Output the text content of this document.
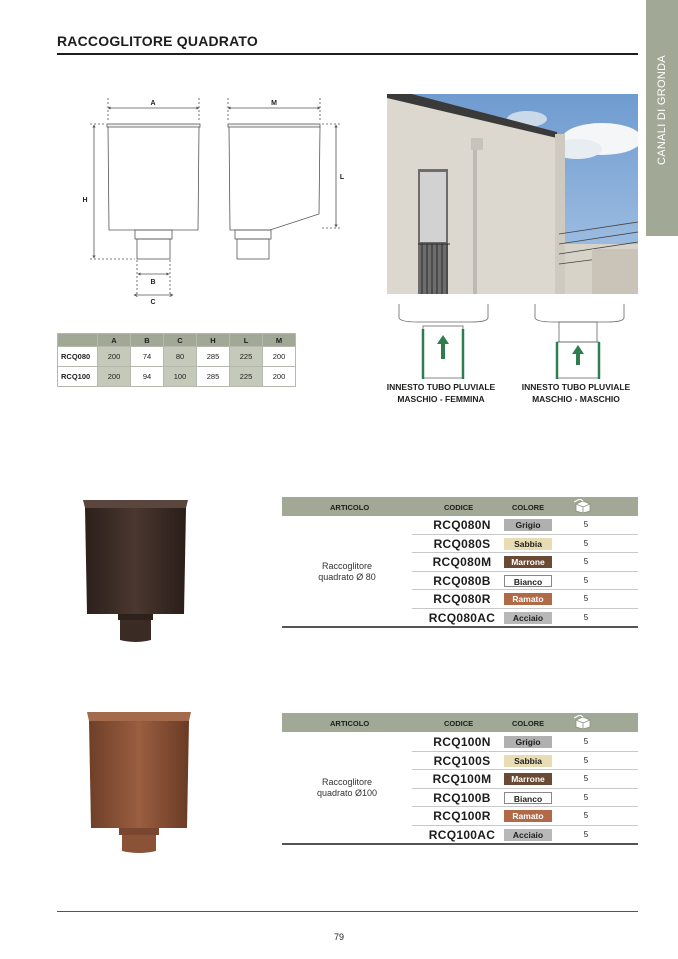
RACCOGLITORE QUADRATO
CANALI DI GRONDA
A	M
H
L
B
C
	A	B	C	H	L	M
RCQ080	200	74	80	285	225	200
RCQ100	200	94	100	285	225	200
INNESTO TUBO PLUVIALE
MASCHIO - FEMMINA
INNESTO TUBO PLUVIALE
MASCHIO - MASCHIO
ARTICOLO	CODICE	COLORE
Raccoglitore
quadrato Ø 80
RCQ080N	Grigio	5
RCQ080S	Sabbia	5
RCQ080M	Marrone	5
RCQ080B	Bianco	5
RCQ080R	Ramato	5
RCQ080AC	Acciaio	5
ARTICOLO	CODICE	COLORE
Raccoglitore
quadrato Ø100
RCQ100N	Grigio	5
RCQ100S	Sabbia	5
RCQ100M	Marrone	5
RCQ100B	Bianco	5
RCQ100R	Ramato	5
RCQ100AC	Acciaio	5
79
